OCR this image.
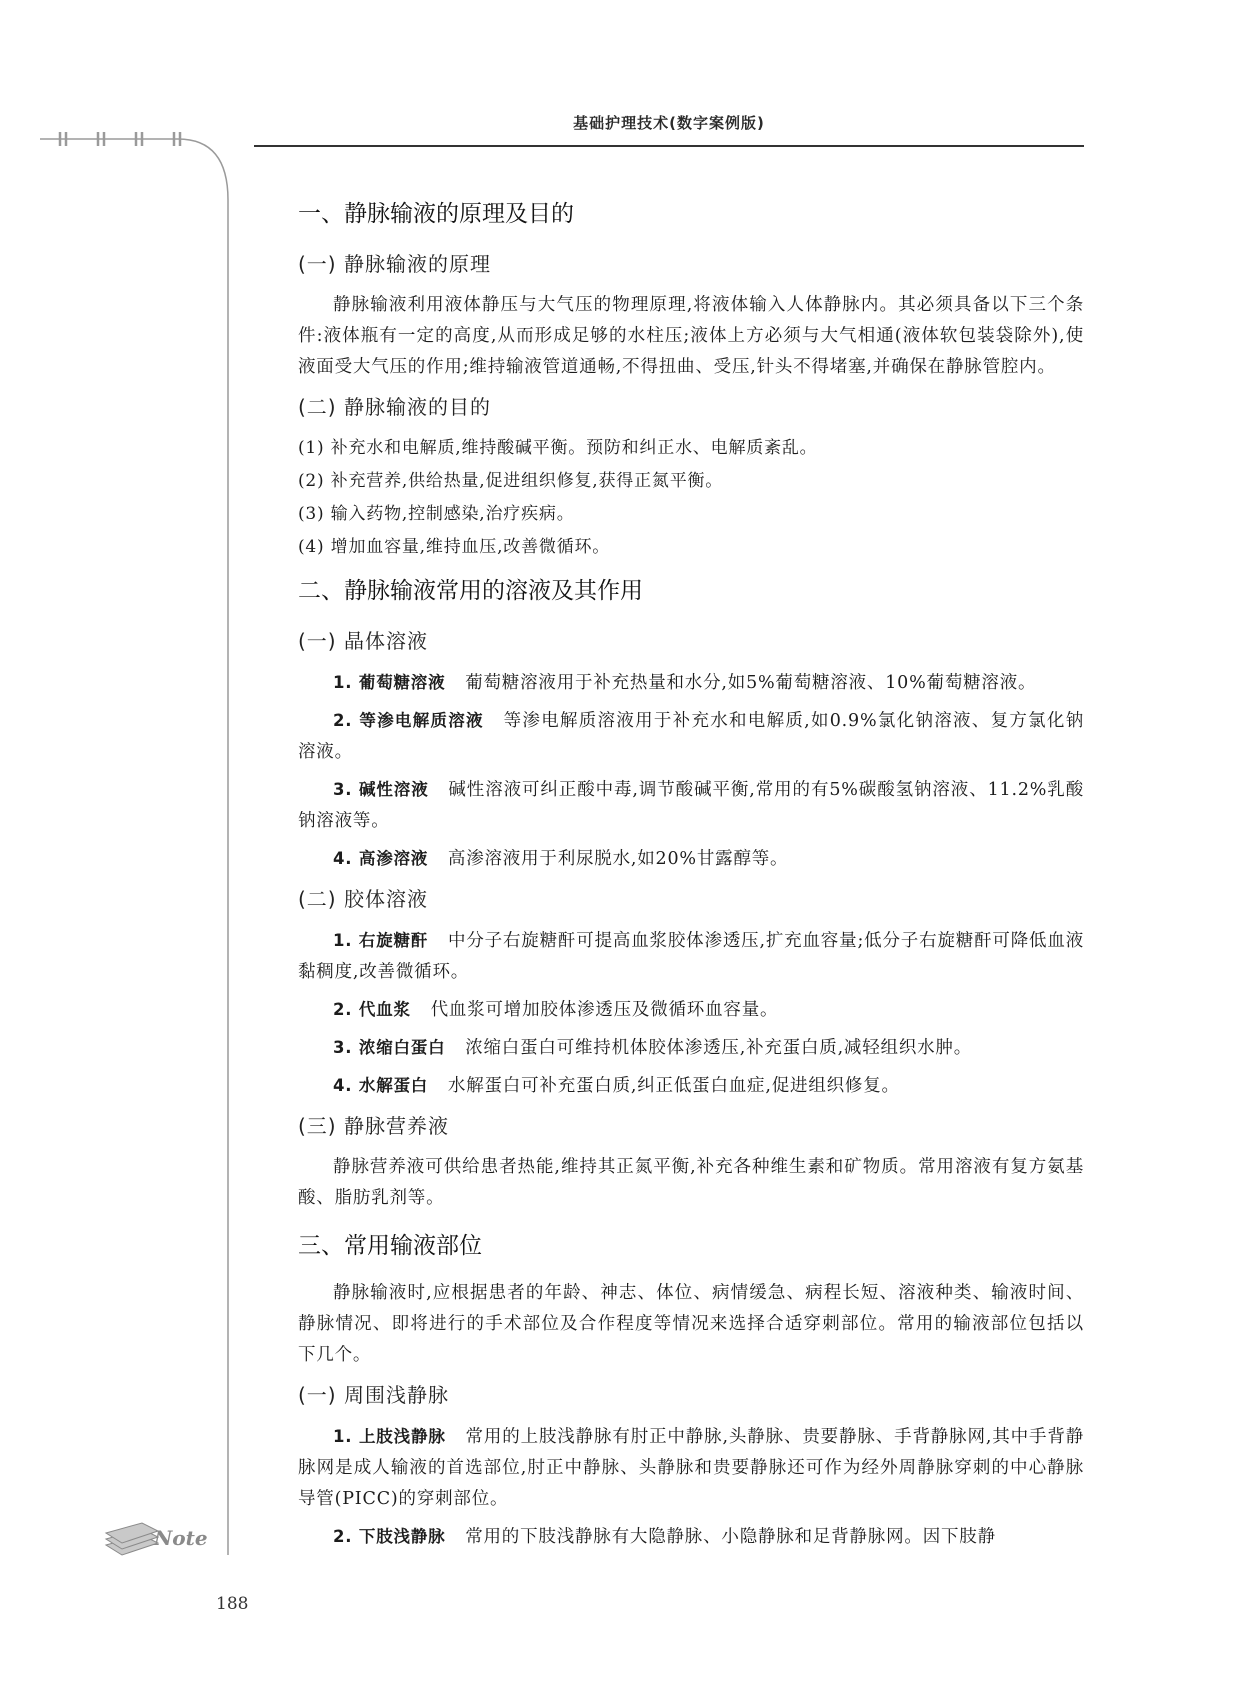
基础护理技术(数字案例版)
一、静脉输液的原理及目的
(一) 静脉输液的原理

静脉输液利用液体静压与大气压的物理原理,将液体输入人体静脉内。其必须具备以下三个条件:液体瓶有一定的高度,从而形成足够的水柱压;液体上方必须与大气相通(液体软包装袋除外),使液面受大气压的作用;维持输液管道通畅,不得扭曲、受压,针头不得堵塞,并确保在静脉管腔内。

(二) 静脉输液的目的
(1) 补充水和电解质,维持酸碱平衡。预防和纠正水、电解质紊乱。
(2) 补充营养,供给热量,促进组织修复,获得正氮平衡。
(3) 输入药物,控制感染,治疗疾病。
(4) 增加血容量,维持血压,改善微循环。
二、静脉输液常用的溶液及其作用
(一) 晶体溶液

1. 葡萄糖溶液 葡萄糖溶液用于补充热量和水分,如5%葡萄糖溶液、10%葡萄糖溶液。

2. 等渗电解质溶液 等渗电解质溶液用于补充水和电解质,如0.9%氯化钠溶液、复方氯化钠溶液。

3. 碱性溶液 碱性溶液可纠正酸中毒,调节酸碱平衡,常用的有5%碳酸氢钠溶液、11.2%乳酸钠溶液等。

4. 高渗溶液 高渗溶液用于利尿脱水,如20%甘露醇等。

(二) 胶体溶液

1. 右旋糖酐 中分子右旋糖酐可提高血浆胶体渗透压,扩充血容量;低分子右旋糖酐可降低血液黏稠度,改善微循环。

2. 代血浆 代血浆可增加胶体渗透压及微循环血容量。

3. 浓缩白蛋白 浓缩白蛋白可维持机体胶体渗透压,补充蛋白质,减轻组织水肿。

4. 水解蛋白 水解蛋白可补充蛋白质,纠正低蛋白血症,促进组织修复。

(三) 静脉营养液

静脉营养液可供给患者热能,维持其正氮平衡,补充各种维生素和矿物质。常用溶液有复方氨基酸、脂肪乳剂等。

三、常用输液部位

静脉输液时,应根据患者的年龄、神志、体位、病情缓急、病程长短、溶液种类、输液时间、静脉情况、即将进行的手术部位及合作程度等情况来选择合适穿刺部位。常用的输液部位包括以下几个。

(一) 周围浅静脉

1. 上肢浅静脉 常用的上肢浅静脉有肘正中静脉,头静脉、贵要静脉、手背静脉网,其中手背静脉网是成人输液的首选部位,肘正中静脉、头静脉和贵要静脉还可作为经外周静脉穿刺的中心静脉导管(PICC)的穿刺部位。

2. 下肢浅静脉 常用的下肢浅静脉有大隐静脉、小隐静脉和足背静脉网。因下肢静

Note
188
